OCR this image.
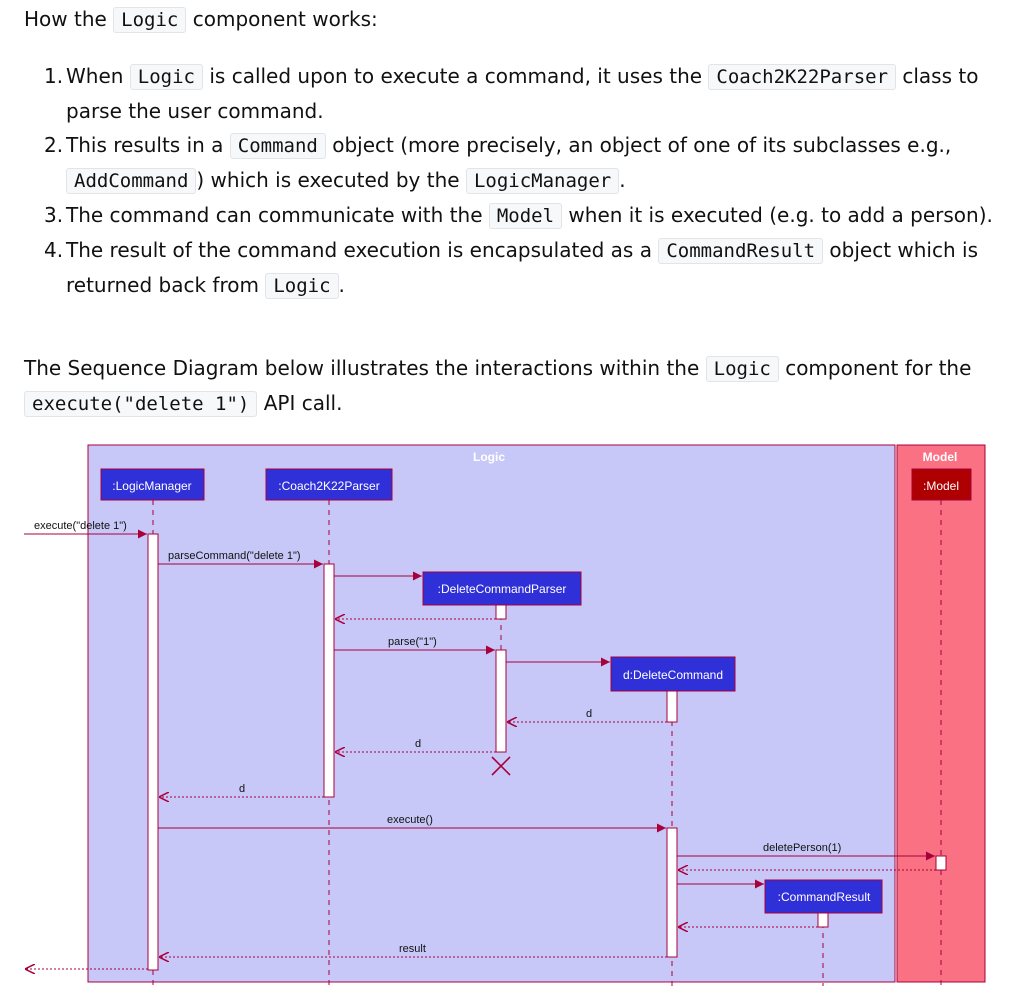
How the Logic component works:
When Logic is called upon to execute a command, it uses the Coach2K22Parser class to parse the user command.
This results in a Command object (more precisely, an object of one of its subclasses e.g., AddCommand ) which is executed by the LogicManager .
The command can communicate with the Model when it is executed (e.g. to add a person).
The result of the command execution is encapsulated as a CommandResult object which is returned back from Logic .
The Sequence Diagram below illustrates the interactions within the Logic component for the execute("delete 1") API call.
Logic	Model
:LogicManager	:Coach2K22Parser
:DeleteCommandParser
d:DeleteCommand
:CommandResult
:Model
execute("delete 1")
parseCommand("delete 1")
parse("1")
d
d
d
execute()
deletePerson(1)
result
